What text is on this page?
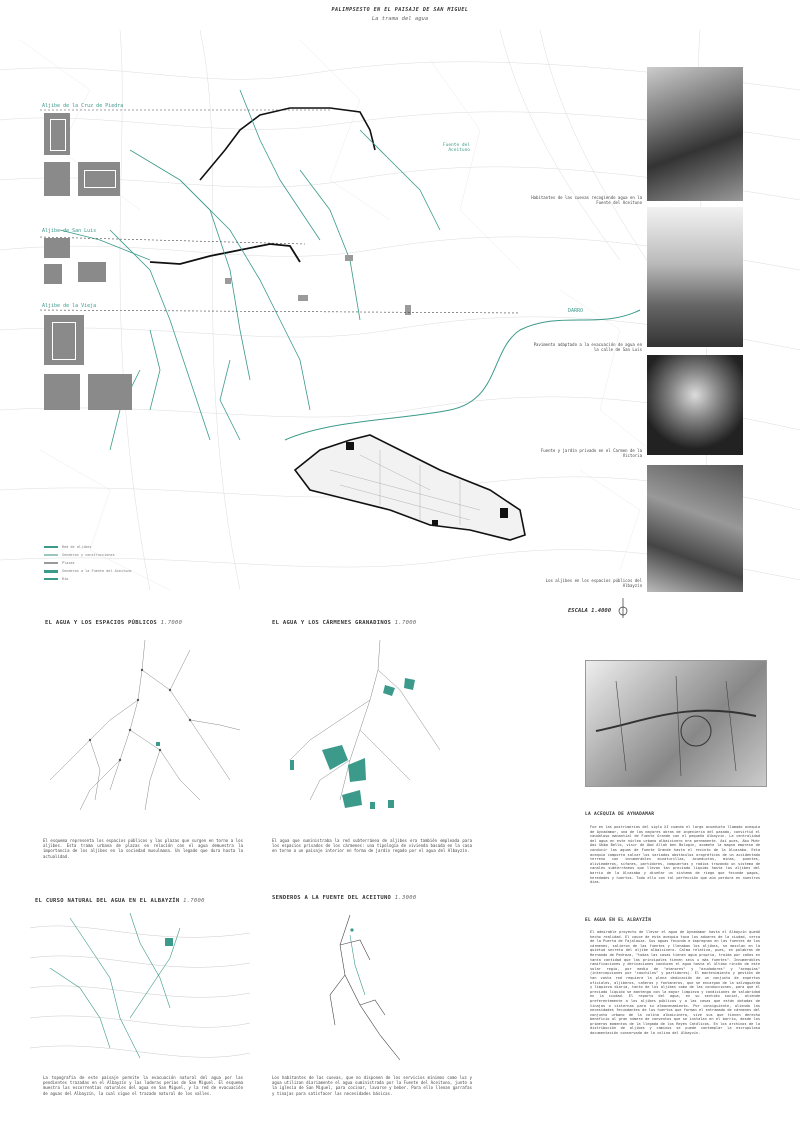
PALIMPSESTO EN EL PAISAJE DE SAN MIGUEL
La trama del agua
Aljibe de la Cruz de Piedra
Aljibe de San Luis
Aljibe de la Vieja
Fuente del Aceituno
DARRO
Red de aljibes
Senderos y construcciones
Plazas
Senderos a la Fuente del Aceituno
Río
Habitantes de las cuevas recogiendo agua en la Fuente del Aceituno
Pavimento adaptado a la evacuación de agua en la calle de San Luis
Fuente y jardín privado en el Carmen de la Victoria
Los aljibes en los espacios públicos del Albayzín
ESCALA 1.4000
EL AGUA Y LOS ESPACIOS PÚBLICOS 1.7000
El esquema representa los espacios públicos y las plazas que surgen en torno a los aljibes. Esta trama urbana de plazas en relación con el agua demuestra la importancia de los aljibes en la sociedad musulmana. Un legado que dura hasta la actualidad.
EL AGUA Y LOS CÁRMENES GRANADINOS 1.7000
El agua que suministraba la red subterránea de aljibes era también empleada para los espacios privados de los cármenes: una tipología de vivienda basada en la casa en torno a un paisaje interior en forma de jardín regado por el agua del Albayzín.
EL CURSO NATURAL DEL AGUA EN EL ALBAYZÍN 1.7000
La topografía de este paisaje permite la evacuación natural del agua por las pendientes trazadas en el Albayzín y las laderas perias de San Miguel. El esquema muestra las escorrentías naturales del agua en San Miguel, y la red de evacuación de aguas del Albayzín, la cual sigue el trazado natural de los valles.
SENDEROS A LA FUENTE DEL ACEITUNO 1.3000
Los habitantes de las cuevas, que no disponen de los servicios mínimos como luz y agua utilizan diariamente el agua suministrada por la Fuente del Aceituno, junto a la iglesia de San Miguel, para cocinar, lavarse y beber. Para ello llenan garrafas y tinajas para satisfacer las necesidades básicas.
LA ACEQUIA DE AYNADAMAR
Fue en las postrimerías del siglo XI cuando el largo acueducto llamado acequia de Aynadamar, una de las mayores obras de ingeniería del pasado, convirtió el caudaloso manantial de Fuente Grande con el pequeño Albayzín. La centralidad del agua en este núcleo urbano albaicinero era permanente. Así pues, Abu Muhr Ami Ubba Bello, visir de Abd Allah ben Bologín, acomete la magna empresa de conducir las aguas de Fuente Grande hasta el recinto de la Alcazaba. Esta acequia comporta salvar los variados obstáculos orográficos de un accidentado terreno con innumerables minaturillas, acueductos, minas, puentes, alivieaderos, sifones, partidores, compuertas y radios trazando un sistema de canales subterráneos que llevan tan preciado líquido hasta los aljibes del barrio de la Alcazaba y diseñar un sistema de riego que fecunde pagos, heredades y huertos. Todo ello con tal perfección que aún perdura en nuestros días.
EL AGUA EN EL ALBAYZÍN
El admirable proyecto de llevar el agua de Aynadamar hasta el Albayzín quedó hecho realidad. El cauce de esta acequia toca los aduares de la ciudad, cerca de la Puerta de Fajalauza. Sus aguas fecunda e impregnan en las fuentes de los cármenes, salieron de las fuentes y llenaban los aljibes, se mezclan en la quietud secreta del aljibe albaicinero. Calma relativa, pues, en palabras de Hernando de Pedraza, "todas las casas tienen agua propria, traída por caños en tanta cantidad que las principales tienen seis u más fuentes". Innumerables ramificaciones y derivaciones conducen el agua hasta el último rincón de este solar regio, por medio de "atanores" y "azudadores" y "acequias" (intercepciones por "cauchiles" y partidores). El mantenimiento y gestión de tan vasta red requiere la plena dedicación de un conjunto de expertos oficiales, aljiberos, cañeros y fontaneros, que se encargan de la salvaguarda y limpieza diaria, tanto de los aljibes como de las conducciones, para que el preciado líquido se mantenga con la mayor limpieza y condiciones de salubridad en la ciudad. El reparto del agua, en su sentido social, atiende preferentemente a los aljibes públicos y a las casas que están dotadas de tinajas o cisternas para su almacenamiento. Por consiguiente, aliendo las necesidades fecundantes de los huertos que forman el entramado de cármenes del conjunto urbano de la colina albaicinera, vive sus que tienen derecho beneficio al gran número de conventos que se instalan en el barrio, desde los primeros momentos de la llegada de los Reyes Católicos. En los archivos de la distribución de aljibes y caminos se puede contemplar la escrupulosa documentación conservada de la colina del Albayzín.
